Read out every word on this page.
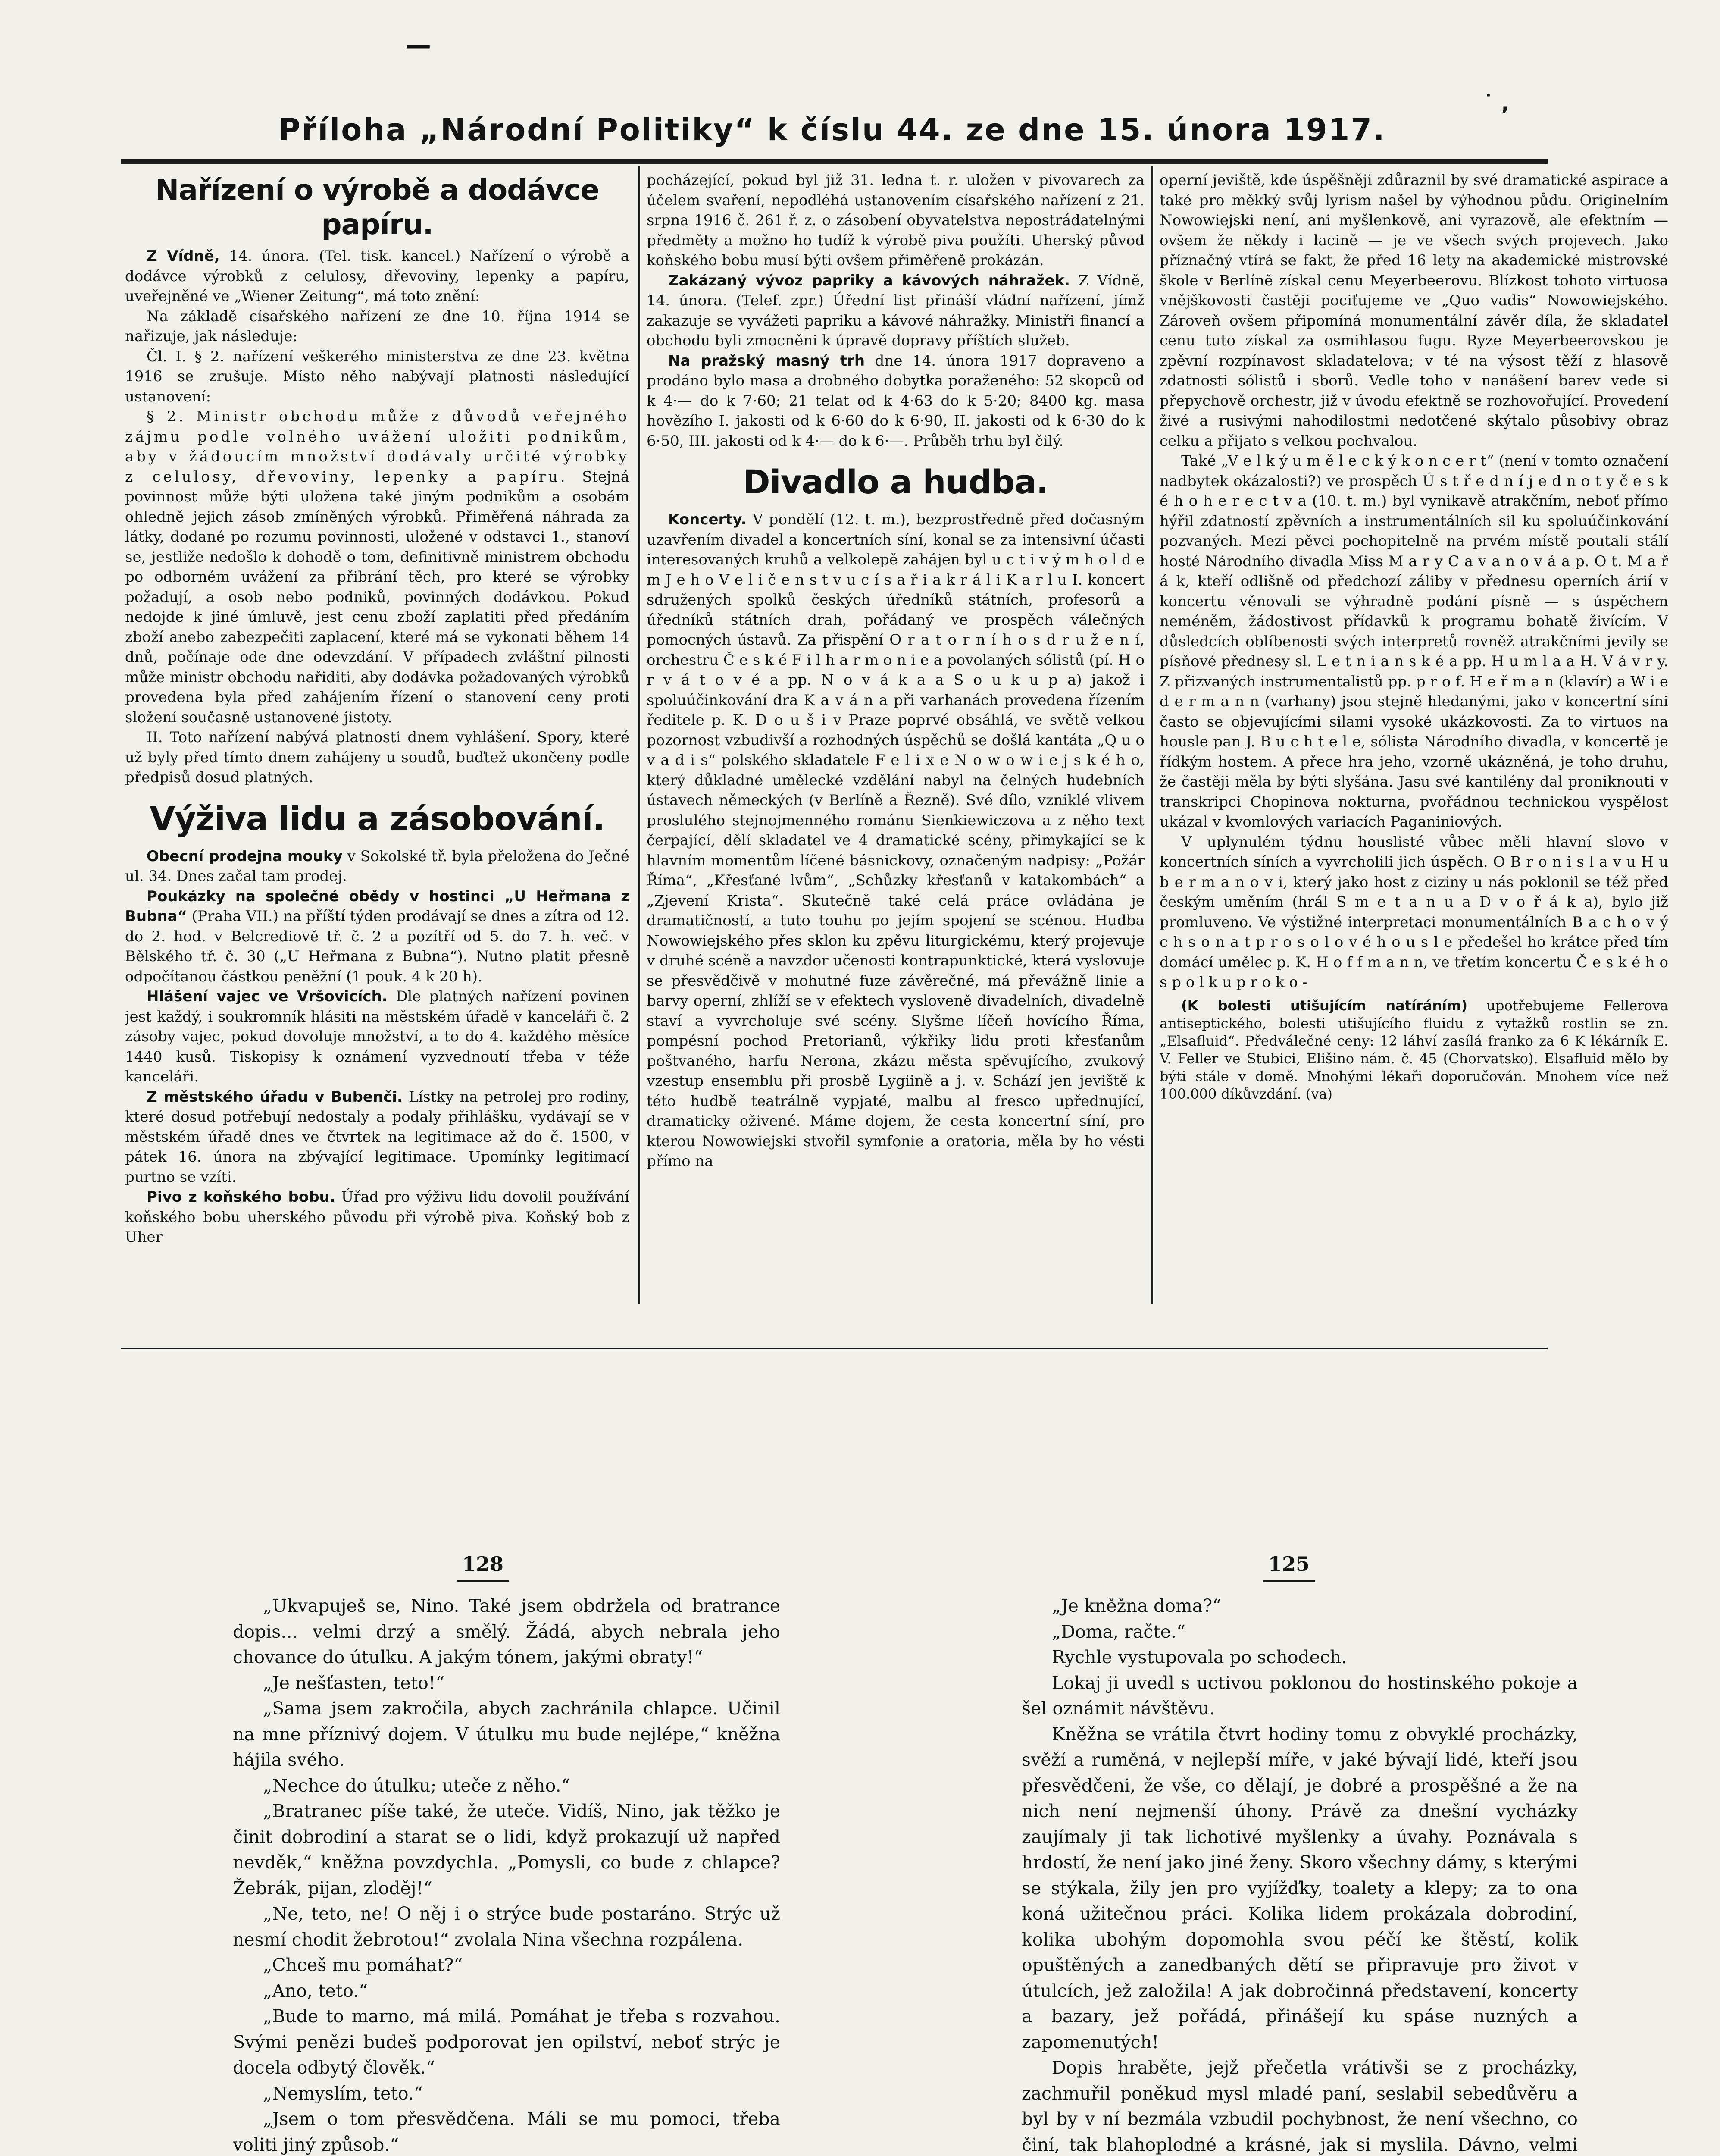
—
˙ ,
Příloha „Národní Politiky“ k číslu 44. ze dne 15. února 1917.
Nařízení o výrobě a dodávce papíru.

Z Vídně, 14. února. (Tel. tisk. kancel.) Nařízení o výrobě a dodávce výrobků z celulosy, dřevoviny, lepenky a papíru, uveřejněné ve „Wiener Zeitung“, má toto znění:

Na základě císařského nařízení ze dne 10. října 1914 se nařizuje, jak následuje:

Čl. I. § 2. nařízení veškerého ministerstva ze dne 23. května 1916 se zrušuje. Místo něho nabývají platnosti následující ustanovení:

§ 2. Ministr obchodu může z důvodů veřejného zájmu podle volného uvážení uložiti podnikům, aby v žádoucím množství dodávaly určité výrobky z celulosy, dřevoviny, lepenky a papíru. Stejná povinnost může býti uložena také jiným podnikům a osobám ohledně jejich zásob zmíněných výrobků. Přiměřená náhrada za látky, dodané po rozumu povinnosti, uložené v odstavci 1., stanoví se, jestliže nedošlo k dohodě o tom, definitivně ministrem obchodu po odborném uvážení za přibrání těch, pro které se výrobky požadují, a osob nebo podniků, povinných dodávkou. Pokud nedojde k jiné úmluvě, jest cenu zboží zaplatiti před předáním zboží anebo zabezpečiti zaplacení, které má se vykonati během 14 dnů, počínaje ode dne odevzdání. V případech zvláštní pilnosti může ministr obchodu nařiditi, aby dodávka požadovaných výrobků provedena byla před zahájením řízení o stanovení ceny proti složení současně ustanovené jistoty.

II. Toto nařízení nabývá platnosti dnem vyhlášení. Spory, které už byly před tímto dnem zahájeny u soudů, buďtež ukončeny podle předpisů dosud platných.

Výživa lidu a zásobování.

Obecní prodejna mouky v Sokolské tř. byla přeložena do Ječné ul. 34. Dnes začal tam prodej.

Poukázky na společné obědy v hostinci „U Heřmana z Bubna“ (Praha VII.) na příští týden prodávají se dnes a zítra od 12. do 2. hod. v Belcrediově tř. č. 2 a pozítří od 5. do 7. h. več. v Bělského tř. č. 30 („U Heřmana z Bubna“). Nutno platit přesně odpočítanou částkou peněžní (1 pouk. 4 k 20 h).

Hlášení vajec ve Vršovicích. Dle platných nařízení povinen jest každý, i soukromník hlásiti na městském úřadě v kanceláři č. 2 zásoby vajec, pokud dovoluje množství, a to do 4. každého měsíce 1440 kusů. Tiskopisy k oznámení vyzvednoutí třeba v téže kanceláři.

Z městského úřadu v Bubenči. Lístky na petrolej pro rodiny, které dosud potřebují nedostaly a podaly přihlášku, vydávají se v městském úřadě dnes ve čtvrtek na legitimace až do č. 1500, v pátek 16. února na zbývající legitimace. Upomínky legitimací purtno se vzíti.

Pivo z koňského bobu. Úřad pro výživu lidu dovolil používání koňského bobu uherského původu při výrobě piva. Koňský bob z Uher

pocházející, pokud byl již 31. ledna t. r. uložen v pivovarech za účelem svaření, nepodléhá ustanovením císařského nařízení z 21. srpna 1916 č. 261 ř. z. o zásobení obyvatelstva nepostrádatelnými předměty a možno ho tudíž k výrobě piva použíti. Uherský původ koňského bobu musí býti ovšem přiměřeně prokázán.

Zakázaný vývoz papriky a kávových náhražek. Z Vídně, 14. února. (Telef. zpr.) Úřední list přináší vládní nařízení, jímž zakazuje se vyvážeti papriku a kávové náhražky. Ministři financí a obchodu byli zmocněni k úpravě dopravy příštích služeb.

Na pražský masný trh dne 14. února 1917 dopraveno a prodáno bylo masa a drobného dobytka poraženého: 52 skopců od k 4·— do k 7·60; 21 telat od k 4·63 do k 5·20; 8400 kg. masa hovězího I. jakosti od k 6·60 do k 6·90, II. jakosti od k 6·30 do k 6·50, III. jakosti od k 4·— do k 6·—. Průběh trhu byl čilý.

Divadlo a hudba.

Koncerty. V pondělí (12. t. m.), bezprostředně před dočasným uzavřením divadel a koncertních síní, konal se za intensivní účasti interesovaných kruhů a velkolepě zahájen byl u c t i v ý m h o l d e m J e h o V e l i č e n s t v u c í s a ř i a k r á l i K a r l u I. koncert sdružených spolků českých úředníků státních, profesorů a úředníků státních drah, pořádaný ve prospěch válečných pomocných ústavů. Za přispění O r a t o r n í h o s d r u ž e n í, orchestru Č e s k é F i l h a r m o n i e a povolaných sólistů (pí. H o r v á t o v é a pp. N o v á k a a S o u k u p a) jakož i spoluúčinkování dra K a v á n a při varhanách provedena řízením ředitele p. K. D o u š i v Praze poprvé obsáhlá, ve světě velkou pozornost vzbudivší a rozhodných úspěchů se došlá kantáta „Q u o v a d i s“ polského skladatele F e l i x e N o w o w i e j s k é h o, který důkladné umělecké vzdělání nabyl na čelných hudebních ústavech německých (v Berlíně a Řezně). Své dílo, vzniklé vlivem proslulého stejnojmenného románu Sienkiewiczova a z něho text čerpající, dělí skladatel ve 4 dramatické scény, přimykající se k hlavním momentům líčené básnickovy, označeným nadpisy: „Požár Říma“, „Křesťané lvům“, „Schůzky křesťanů v katakombách“ a „Zjevení Krista“. Skutečně také celá práce ovládána je dramatičností, a tuto touhu po jejím spojení se scénou. Hudba Nowowiejského přes sklon ku zpěvu liturgickému, který projevuje v druhé scéně a navzdor učenosti kontrapunktické, která vyslovuje se přesvědčivě v mohutné fuze závěrečné, má převážně linie a barvy operní, zhlíží se v efektech vysloveně divadelních, divadelně staví a vyvrcholuje své scény. Slyšme líčeň hovícího Říma, pompésní pochod Pretorianů, výkřiky lidu proti křesťanům poštvaného, harfu Nerona, zkázu města spěvujícího, zvukový vzestup ensemblu při prosbě Lygiině a j. v. Schází jen jeviště k této hudbě teatrálně vypjaté, malbu al fresco upřednující, dramaticky oživené. Máme dojem, že cesta koncertní síní, pro kterou Nowowiejski stvořil symfonie a oratoria, měla by ho vésti přímo na

operní jeviště, kde úspěšněji zdůraznil by své dramatické aspirace a také pro měkký svůj lyrism našel by výhodnou půdu. Originelním Nowowiejski není, ani myšlenkově, ani vyrazově, ale efektním — ovšem že někdy i lacině — je ve všech svých projevech. Jako příznačný vtírá se fakt, že před 16 lety na akademické mistrovské škole v Berlíně získal cenu Meyerbeerovu. Blízkost tohoto virtuosa vnějškovosti častěji pociťujeme ve „Quo vadis“ Nowowiejského. Zároveň ovšem připomíná monumentální závěr díla, že skladatel cenu tuto získal za osmihlasou fugu. Ryze Meyerbeerovskou je zpěvní rozpínavost skladatelova; v té na výsost těží z hlasově zdatnosti sólistů i sborů. Vedle toho v nanášení barev vede si přepychově orchestr, již v úvodu efektně se rozhovořující. Provedení živé a rusivými nahodilostmi nedotčené skýtalo působivy obraz celku a přijato s velkou pochvalou.

Také „V e l k ý u m ě l e c k ý k o n c e r t“ (není v tomto označení nadbytek okázalosti?) ve prospěch Ú s t ř e d n í j e d n o t y č e s k é h o h e r e c t v a (10. t. m.) byl vynikavě atrakčním, neboť přímo hýřil zdatností zpěvních a instrumentálních sil ku spoluúčinkování pozvaných. Mezi pěvci pochopitelně na prvém místě poutali stálí hosté Národního divadla Miss M a r y C a v a n o v á a p. O t. M a ř á k, kteří odlišně od předchozí záliby v přednesu operních árií v koncertu věnovali se výhradně podání písně — s úspěchem neméněm, žádostivost přídavků k programu bohatě živícím. V důsledcích oblíbenosti svých interpretů rovněž atrakčními jevily se písňové přednesy sl. L e t n i a n s k é a pp. H u m l a a H. V á v r y. Z přizvaných instrumentalistů pp. p r o f. H e ř m a n (klavír) a W i e d e r m a n n (varhany) jsou stejně hledanými, jako v koncertní síni často se objevujícími silami vysoké ukázkovosti. Za to virtuos na housle pan J. B u c h t e l e, sólista Národního divadla, v koncertě je řídkým hostem. A přece hra jeho, vzorně ukázněná, je toho druhu, že častěji měla by býti slyšána. Jasu své kantilény dal proniknouti v transkripci Chopinova nokturna, pvořádnou technickou vyspělost ukázal v kvomlových variacích Paganiniových.

V uplynulém týdnu houslisté vůbec měli hlavní slovo v koncertních síních a vyvrcholili jich úspěch. O B r o n i s l a v u H u b e r m a n o v i, který jako host z ciziny u nás poklonil se též před českým uměním (hrál S m e t a n u a D v o ř á k a), bylo již promluveno. Ve výstižné interpretaci monumentálních B a c h o v ý c h s o n a t p r o s o l o v é h o u s l e předešel ho krátce před tím domácí umělec p. K. H o f f m a n n, ve třetím koncertu Č e s k é h o s p o l k u p r o k o -

(K bolesti utišujícím natíráním) upotřebujeme Fellerova antiseptického, bolesti utišujícího fluidu z vytažků rostlin se zn. „Elsafluid“. Předválečné ceny: 12 láhví zasílá franko za 6 K lékárník E. V. Feller ve Stubici, Elišino nám. č. 45 (Chorvatsko). Elsafluid mělo by býti stále v domě. Mnohými lékaři doporučován. Mnohem více než 100.000 díkůvzdání. (va)

128

„Ukvapuješ se, Nino. Také jsem obdržela od bratrance dopis... velmi drzý a smělý. Žádá, abych nebrala jeho chovance do útulku. A jakým tónem, jakými obraty!“

„Je nešťasten, teto!“

„Sama jsem zakročila, abych zachránila chlapce. Učinil na mne příznivý dojem. V útulku mu bude nejlépe,“ kněžna hájila svého.

„Nechce do útulku; uteče z něho.“

„Bratranec píše také, že uteče. Vidíš, Nino, jak těžko je činit dobrodiní a starat se o lidi, když prokazují už napřed nevděk,“ kněžna povzdychla. „Pomysli, co bude z chlapce? Žebrák, pijan, zloděj!“

„Ne, teto, ne! O něj i o strýce bude postaráno. Strýc už nesmí chodit žebrotou!“ zvolala Nina všechna rozpálena.

„Chceš mu pomáhat?“

„Ano, teto.“

„Bude to marno, má milá. Pomáhat je třeba s rozvahou. Svými penězi budeš podporovat jen opilství, neboť strýc je docela odbytý člověk.“

„Nemyslím, teto.“

„Jsem o tom přesvědčena. Máli se mu pomoci, třeba voliti jiný způsob.“

125

„Je kněžna doma?“

„Doma, račte.“

Rychle vystupovala po schodech.

Lokaj ji uvedl s uctivou poklonou do hostinského pokoje a šel oznámit návštěvu.

Kněžna se vrátila čtvrt hodiny tomu z obvyklé procházky, svěží a ruměná, v nejlepší míře, v jaké bývají lidé, kteří jsou přesvědčeni, že vše, co dělají, je dobré a prospěšné a že na nich není nejmenší úhony. Právě za dnešní vycházky zaujímaly ji tak lichotivé myšlenky a úvahy. Poznávala s hrdostí, že není jako jiné ženy. Skoro všechny dámy, s kterými se stýkala, žily jen pro vyjížďky, toalety a klepy; za to ona koná užitečnou práci. Kolika lidem prokázala dobrodiní, kolika ubohým dopomohla svou péčí ke štěstí, kolik opuštěných a zanedbaných dětí se připravuje pro život v útulcích, jež založila! A jak dobročinná představení, koncerty a bazary, jež pořádá, přinášejí ku spáse nuzných a zapomenutých!

Dopis hraběte, jejž přečetla vrátivši se z procházky, zachmuřil poněkud mysl mladé paní, seslabil sebedůvěru a byl by v ní bezmála vzbudil pochybnost, že není všechno, co činí, tak blahoplodné a krásné, jak si myslila. Dávno, velmi
